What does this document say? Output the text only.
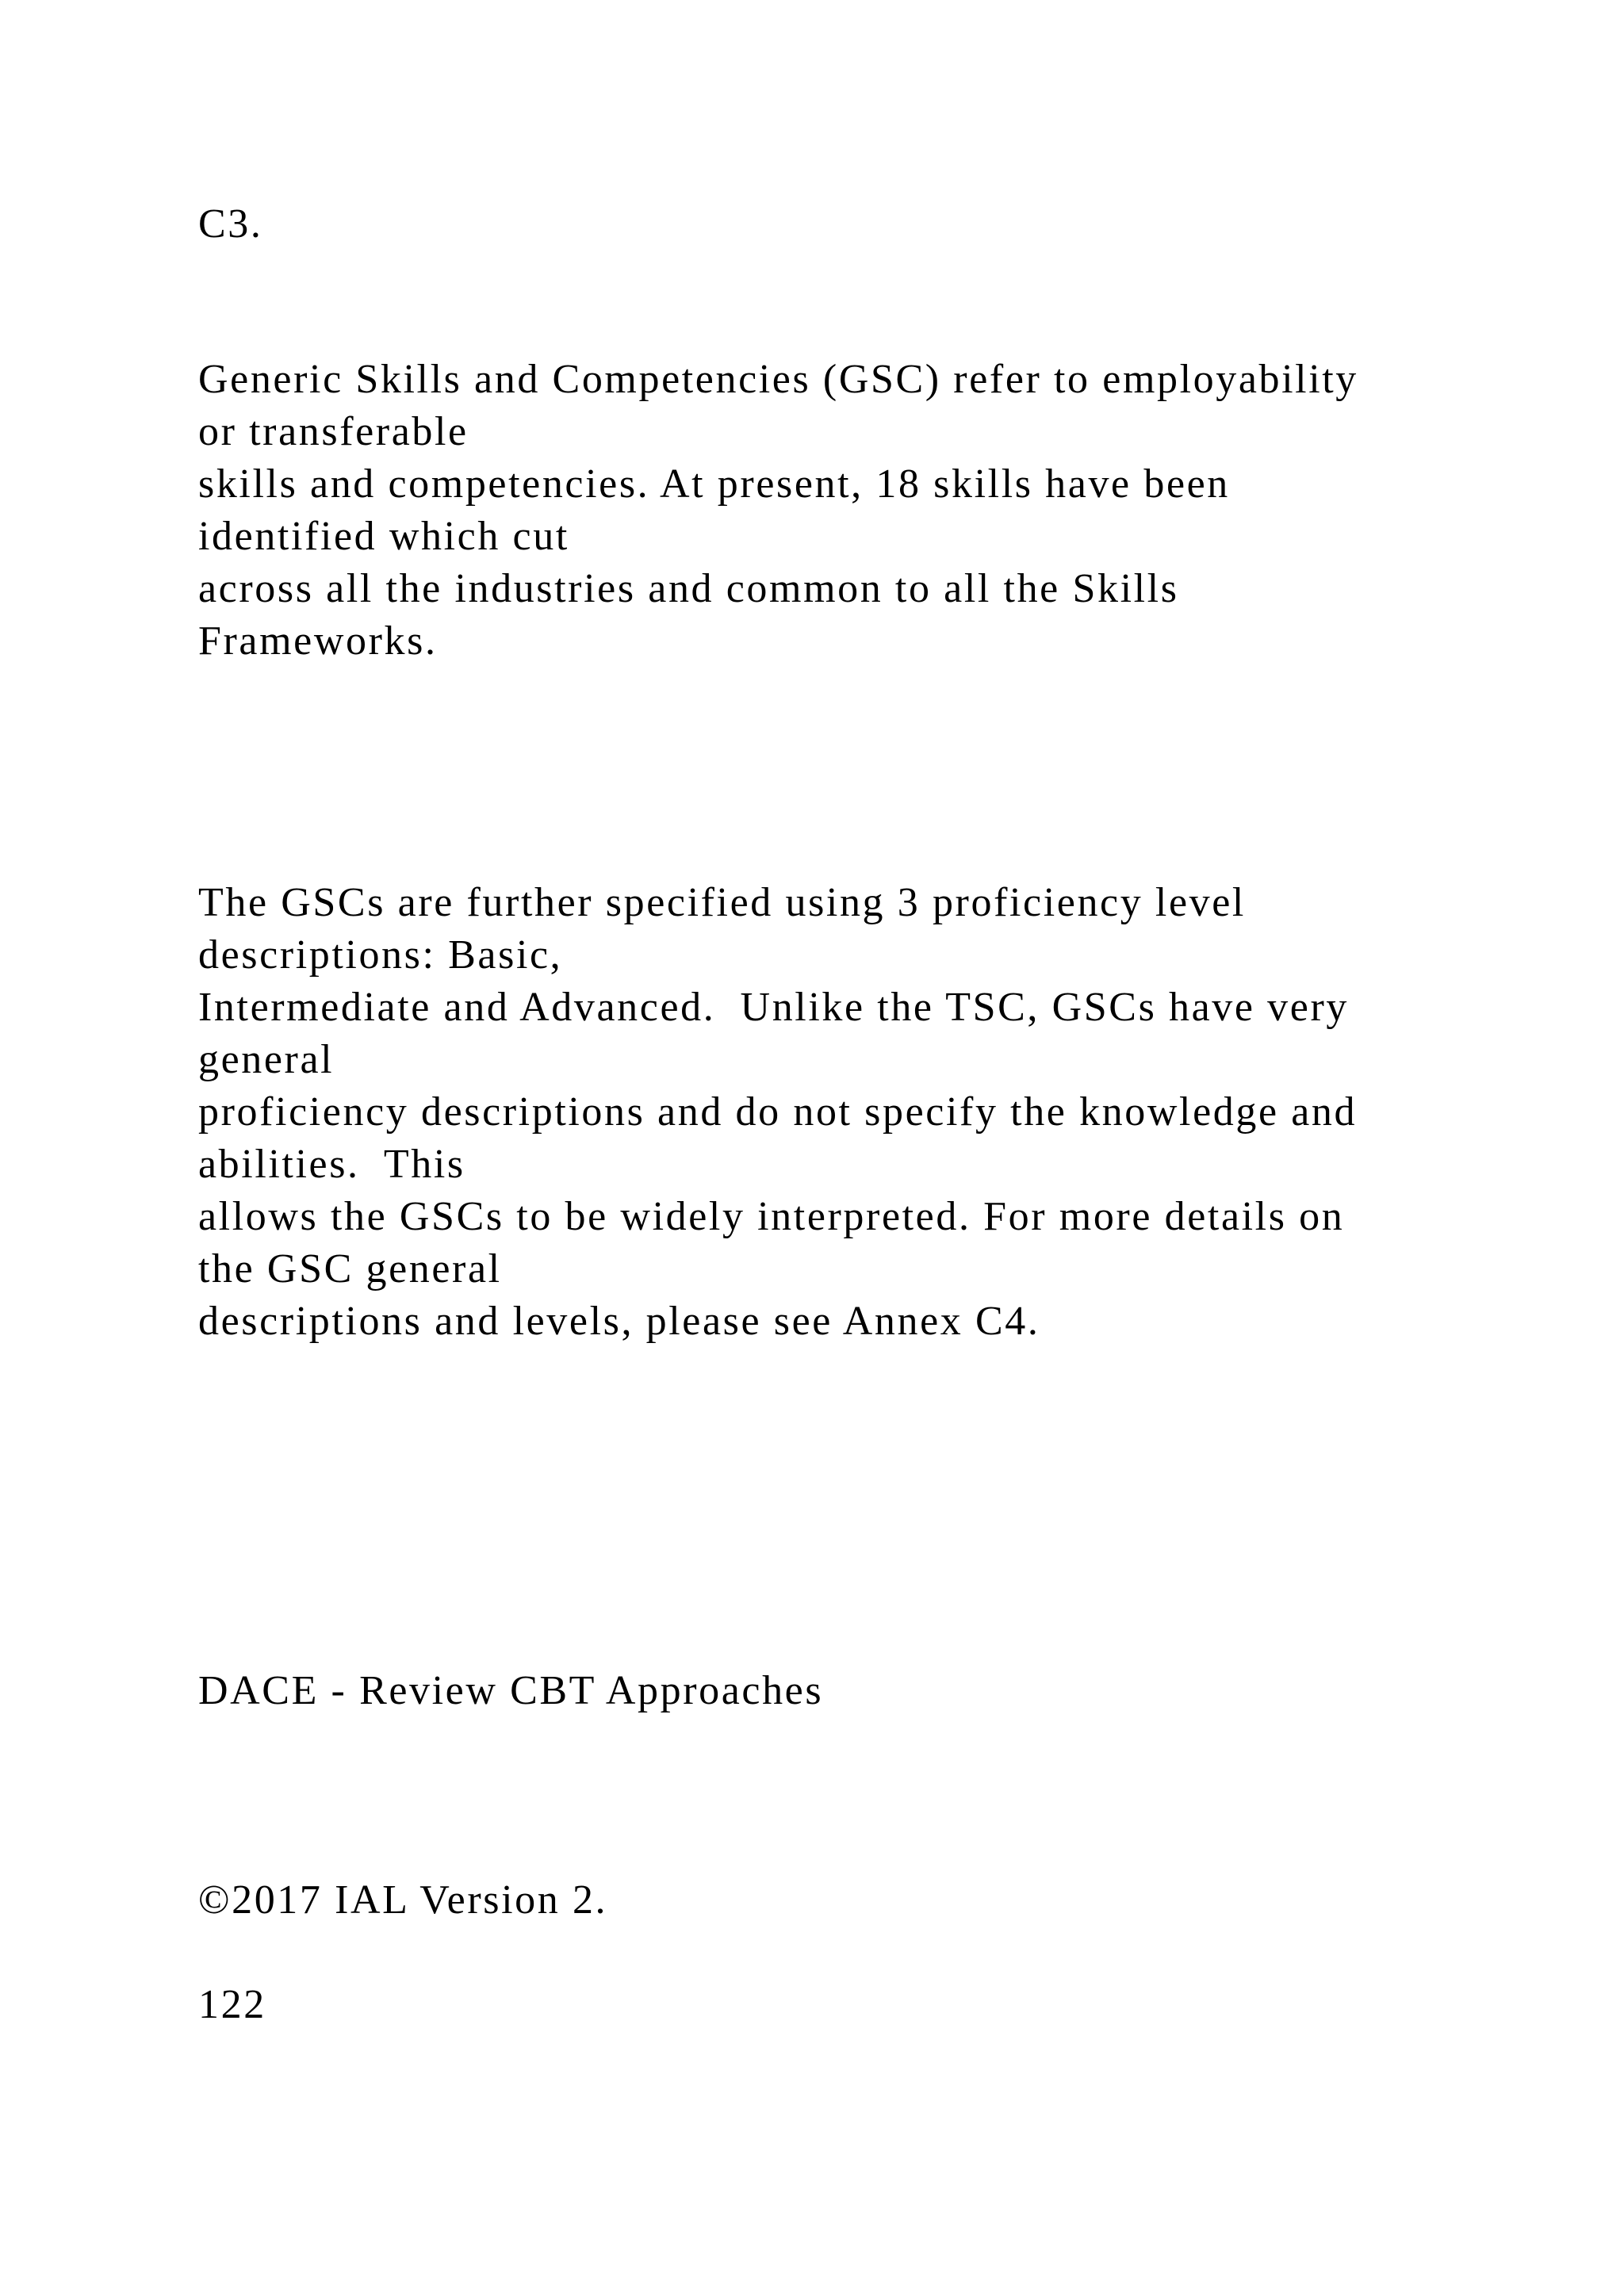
C3.

Generic Skills and Competencies (GSC) refer to employability

or transferable

skills and competencies. At present, 18 skills have been

identified which cut

across all the industries and common to all the Skills

Frameworks.

The GSCs are further specified using 3 proficiency level

descriptions: Basic,

Intermediate and Advanced.  Unlike the TSC, GSCs have very

general

proficiency descriptions and do not specify the knowledge and

abilities.  This

allows the GSCs to be widely interpreted. For more details on

the GSC general

descriptions and levels, please see Annex C4.

DACE - Review CBT Approaches

©2017 IAL Version 2.

122
